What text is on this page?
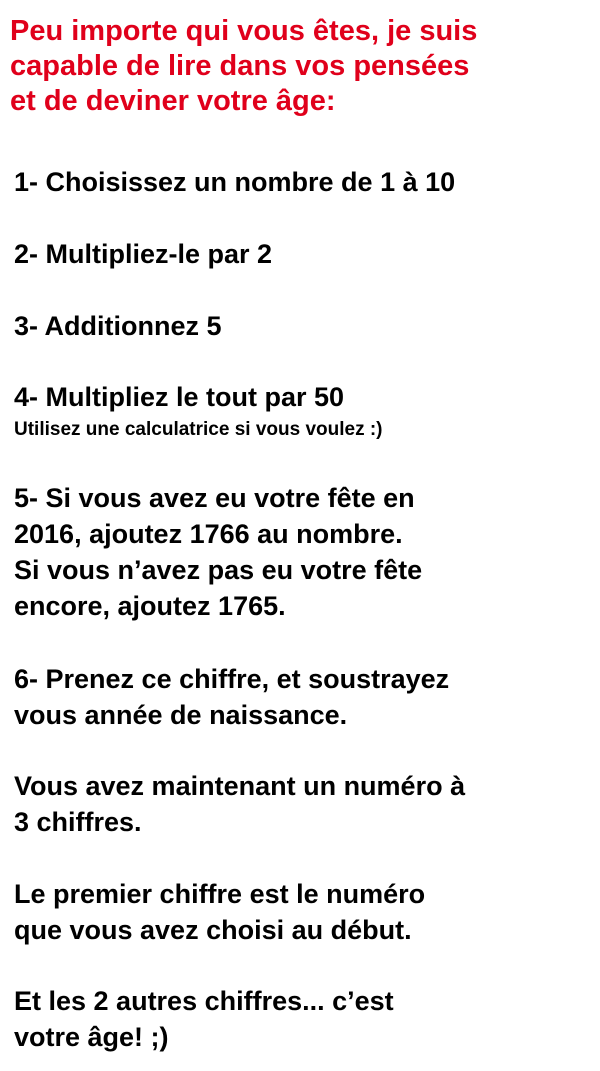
Peu importe qui vous êtes, je suis
capable de lire dans vos pensées
et de deviner votre âge:

1- Choisissez un nombre de 1 à 10

2- Multipliez-le par 2

3- Additionnez 5

4- Multipliez le tout par 50

Utilisez une calculatrice si vous voulez :)

5- Si vous avez eu votre fête en

2016, ajoutez 1766 au nombre.

Si vous n’avez pas eu votre fête

encore, ajoutez 1765.

6- Prenez ce chiffre, et soustrayez

vous année de naissance.

Vous avez maintenant un numéro à

3 chiffres.

Le premier chiffre est le numéro

que vous avez choisi au début.

Et les 2 autres chiffres... c’est

votre âge! ;)
